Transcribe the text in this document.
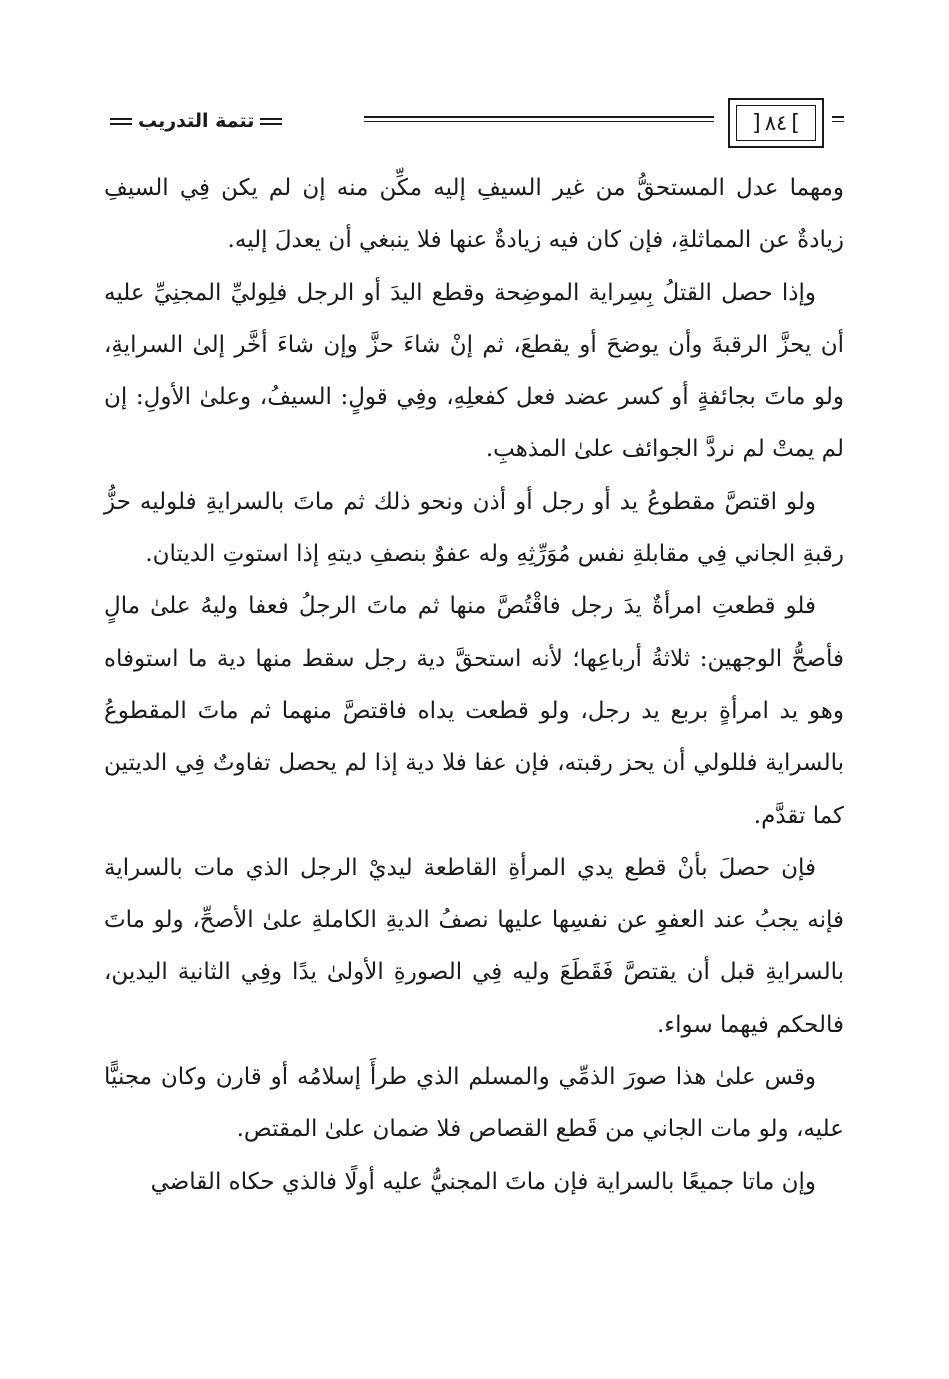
تتمة التدريب	]
٨٤
[

ومهما عدل المستحقُّ من غير السيفِ إليه مكِّن منه إن لم يكن فِي السيفِ زيادةٌ عن المماثلةِ، فإن كان فيه زيادةٌ عنها فلا ينبغي أن يعدلَ إليه.

وإذا حصل القتلُ بِسِراية الموضِحة وقطع اليدَ أو الرجل فلِوليِّ المجنِيِّ عليه أن يحزَّ الرقبةَ وأن يوضحَ أو يقطعَ، ثم إنْ شاءَ حزَّ وإن شاءَ أخَّر إلىٰ السرايةِ، ولو ماتَ بجائفةٍ أو كسر عضد فعل كفعلِهِ، وفِي قولٍ: السيفُ، وعلىٰ الأولِ: إن لم يمتْ لم نردَّ الجوائف علىٰ المذهبِ.

ولو اقتصَّ مقطوعُ يد أو رجل أو أذن ونحو ذلك ثم ماتَ بالسرايةِ فلوليه حزُّ رقبةِ الجاني فِي مقابلةِ نفس مُوَرِّثِهِ وله عفوٌ بنصفِ ديتهِ إذا استوتِ الديتان.

فلو قطعتِ امرأةٌ يدَ رجل فاقْتُصَّ منها ثم ماتَ الرجلُ فعفا وليهُ علىٰ مالٍ فأصحُّ الوجهين: ثلاثةُ أرباعِها؛ لأنه استحقَّ دية رجل سقط منها دية ما استوفاه وهو يد امرأةٍ بربع يد رجل، ولو قطعت يداه فاقتصَّ منهما ثم ماتَ المقطوعُ بالسراية فللولي أن يحز رقبته، فإن عفا فلا دية إذا لم يحصل تفاوتٌ فِي الديتين كما تقدَّم.

فإن حصلَ بأنْ قطع يدي المرأةِ القاطعة ليديْ الرجل الذي مات بالسراية فإنه يجبُ عند العفوِ عن نفسِها عليها نصفُ الديةِ الكاملةِ علىٰ الأصحِّ، ولو ماتَ بالسرايةِ قبل أن يقتصَّ فَقَطَعَ وليه فِي الصورةِ الأولىٰ يدًا وفِي الثانية اليدين، فالحكم فيهما سواء.

وقس علىٰ هذا صورَ الذمِّي والمسلم الذي طرأَ إسلامُه أو قارن وكان مجنيًّا عليه، ولو مات الجاني من قَطع القصاص فلا ضمان علىٰ المقتص.

وإن ماتا جميعًا بالسراية فإن ماتَ المجنيُّ عليه أولًا فالذي حكاه القاضي
